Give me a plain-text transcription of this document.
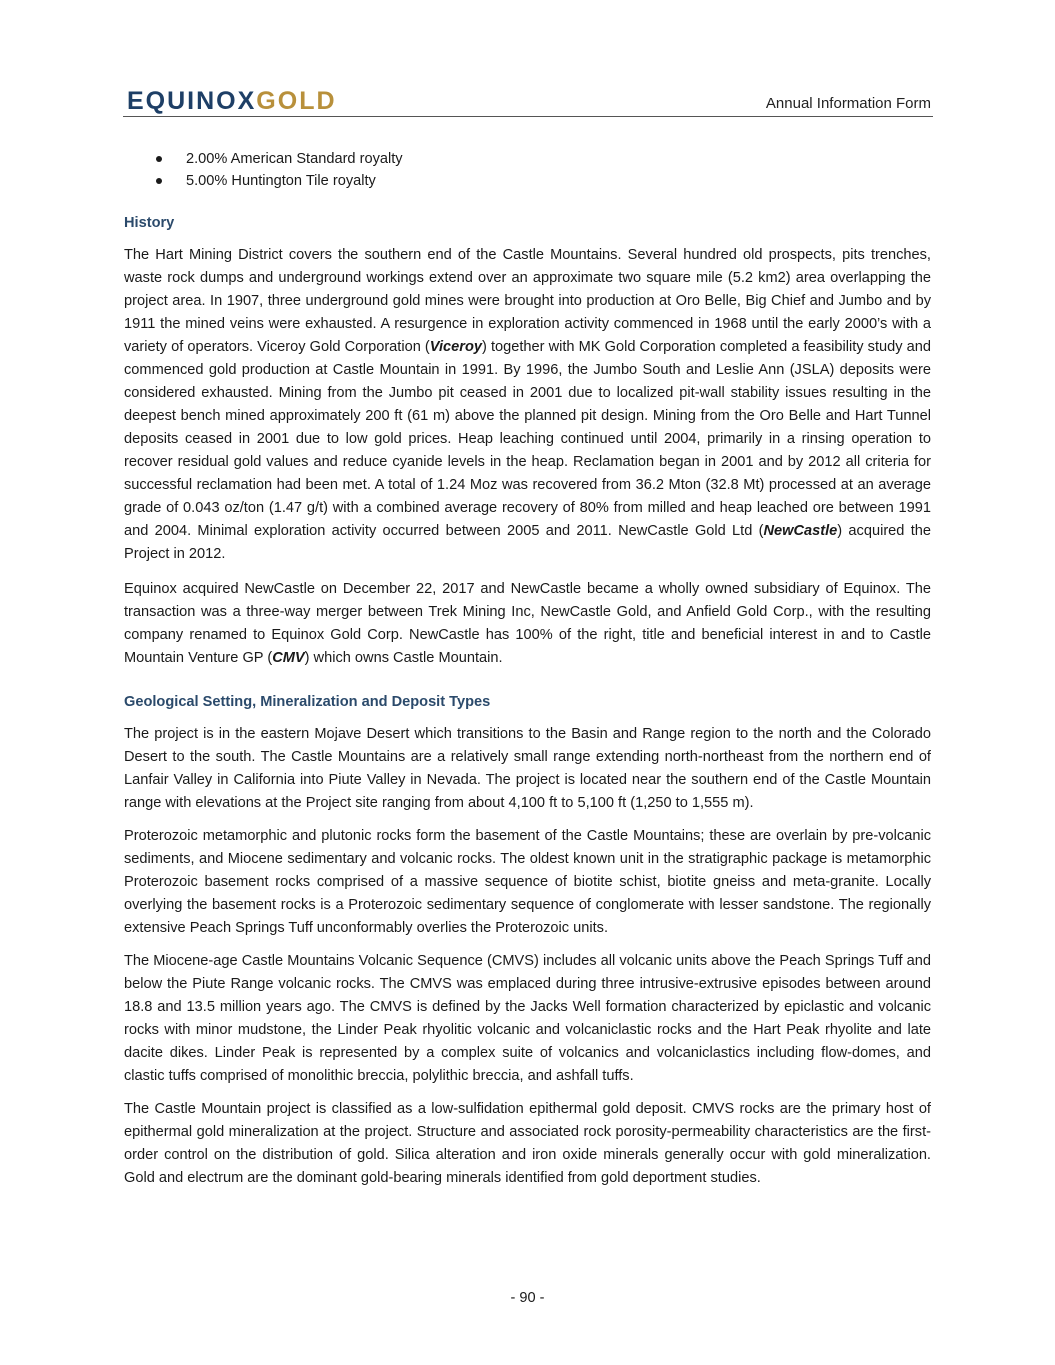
EQUINOXGOLD	Annual Information Form
2.00% American Standard royalty
5.00% Huntington Tile royalty
History

The Hart Mining District covers the southern end of the Castle Mountains. Several hundred old prospects, pits trenches, waste rock dumps and underground workings extend over an approximate two square mile (5.2 km2) area overlapping the project area. In 1907, three underground gold mines were brought into production at Oro Belle, Big Chief and Jumbo and by 1911 the mined veins were exhausted. A resurgence in exploration activity commenced in 1968 until the early 2000’s with a variety of operators. Viceroy Gold Corporation (Viceroy) together with MK Gold Corporation completed a feasibility study and commenced gold production at Castle Mountain in 1991. By 1996, the Jumbo South and Leslie Ann (JSLA) deposits were considered exhausted. Mining from the Jumbo pit ceased in 2001 due to localized pit-wall stability issues resulting in the deepest bench mined approximately 200 ft (61 m) above the planned pit design. Mining from the Oro Belle and Hart Tunnel deposits ceased in 2001 due to low gold prices. Heap leaching continued until 2004, primarily in a rinsing operation to recover residual gold values and reduce cyanide levels in the heap. Reclamation began in 2001 and by 2012 all criteria for successful reclamation had been met. A total of 1.24 Moz was recovered from 36.2 Mton (32.8 Mt) processed at an average grade of 0.043 oz/ton (1.47 g/t) with a combined average recovery of 80% from milled and heap leached ore between 1991 and 2004. Minimal exploration activity occurred between 2005 and 2011. NewCastle Gold Ltd (NewCastle) acquired the Project in 2012.

Equinox acquired NewCastle on December 22, 2017 and NewCastle became a wholly owned subsidiary of Equinox. The transaction was a three-way merger between Trek Mining Inc, NewCastle Gold, and Anfield Gold Corp., with the resulting company renamed to Equinox Gold Corp. NewCastle has 100% of the right, title and beneficial interest in and to Castle Mountain Venture GP (CMV) which owns Castle Mountain.

Geological Setting, Mineralization and Deposit Types

The project is in the eastern Mojave Desert which transitions to the Basin and Range region to the north and the Colorado Desert to the south. The Castle Mountains are a relatively small range extending north-northeast from the northern end of Lanfair Valley in California into Piute Valley in Nevada. The project is located near the southern end of the Castle Mountain range with elevations at the Project site ranging from about 4,100 ft to 5,100 ft (1,250 to 1,555 m).

Proterozoic metamorphic and plutonic rocks form the basement of the Castle Mountains; these are overlain by pre-volcanic sediments, and Miocene sedimentary and volcanic rocks. The oldest known unit in the stratigraphic package is metamorphic Proterozoic basement rocks comprised of a massive sequence of biotite schist, biotite gneiss and meta-granite. Locally overlying the basement rocks is a Proterozoic sedimentary sequence of conglomerate with lesser sandstone. The regionally extensive Peach Springs Tuff unconformably overlies the Proterozoic units.

The Miocene-age Castle Mountains Volcanic Sequence (CMVS) includes all volcanic units above the Peach Springs Tuff and below the Piute Range volcanic rocks. The CMVS was emplaced during three intrusive-extrusive episodes between around 18.8 and 13.5 million years ago. The CMVS is defined by the Jacks Well formation characterized by epiclastic and volcanic rocks with minor mudstone, the Linder Peak rhyolitic volcanic and volcaniclastic rocks and the Hart Peak rhyolite and late dacite dikes. Linder Peak is represented by a complex suite of volcanics and volcaniclastics including flow-domes, and clastic tuffs comprised of monolithic breccia, polylithic breccia, and ashfall tuffs.

The Castle Mountain project is classified as a low-sulfidation epithermal gold deposit. CMVS rocks are the primary host of epithermal gold mineralization at the project. Structure and associated rock porosity-permeability characteristics are the first-order control on the distribution of gold. Silica alteration and iron oxide minerals generally occur with gold mineralization. Gold and electrum are the dominant gold-bearing minerals identified from gold deportment studies.

- 90 -
